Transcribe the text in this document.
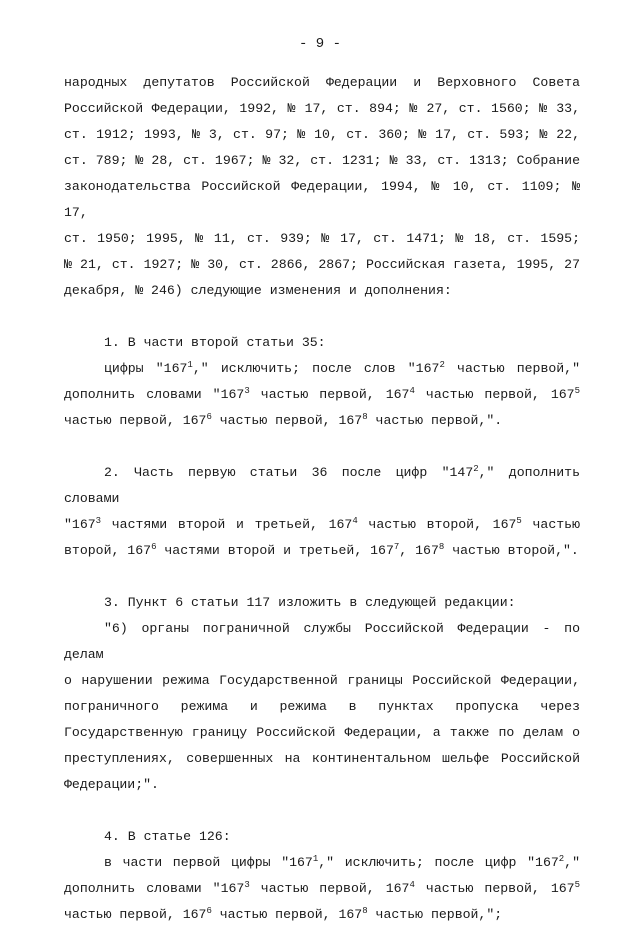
- 9 -

народных депутатов Российской Федерации и Верховного Совета

Российской Федерации, 1992, № 17, ст. 894; № 27, ст. 1560; № 33,

ст. 1912; 1993, № 3, ст. 97; № 10, ст. 360; № 17, ст. 593; № 22,

ст. 789; № 28, ст. 1967; № 32, ст. 1231; № 33, ст. 1313; Собрание

законодательства Российской Федерации, 1994, № 10, ст. 1109; № 17,

ст. 1950; 1995, № 11, ст. 939; № 17, ст. 1471; № 18, ст. 1595;

№ 21, ст. 1927; № 30, ст. 2866, 2867; Российская газета, 1995, 27

декабря, № 246) следующие изменения и дополнения:

1. В части второй статьи 35:

цифры "$167^1$," исключить; после слов "$167^2$ частью первой,"

дополнить словами "$167^3$ частью первой, $167^4$ частью первой, $167^5$

частью первой, $167^6$ частью первой, $167^8$ частью первой,".

2. Часть первую статьи 36 после цифр "$147^2$," дополнить словами

"$167^3$ частями второй и третьей, $167^4$ частью второй, $167^5$ частью

второй, $167^6$ частями второй и третьей, $167^7$, $167^8$ частью второй,".

3. Пункт 6 статьи 117 изложить в следующей редакции:

"6) органы пограничной службы Российской Федерации - по делам

о нарушении режима Государственной границы Российской Федерации,

пограничного режима и режима в пунктах пропуска через

Государственную границу Российской Федерации, а также по делам о

преступлениях, совершенных на континентальном шельфе Российской

Федерации;".

4. В статье 126:

в части первой цифры "$167^1$," исключить; после цифр "$167^2$,"

дополнить словами "$167^3$ частью первой, $167^4$ частью первой, $167^5$

частью первой, $167^6$ частью первой, $167^8$ частью первой,";
